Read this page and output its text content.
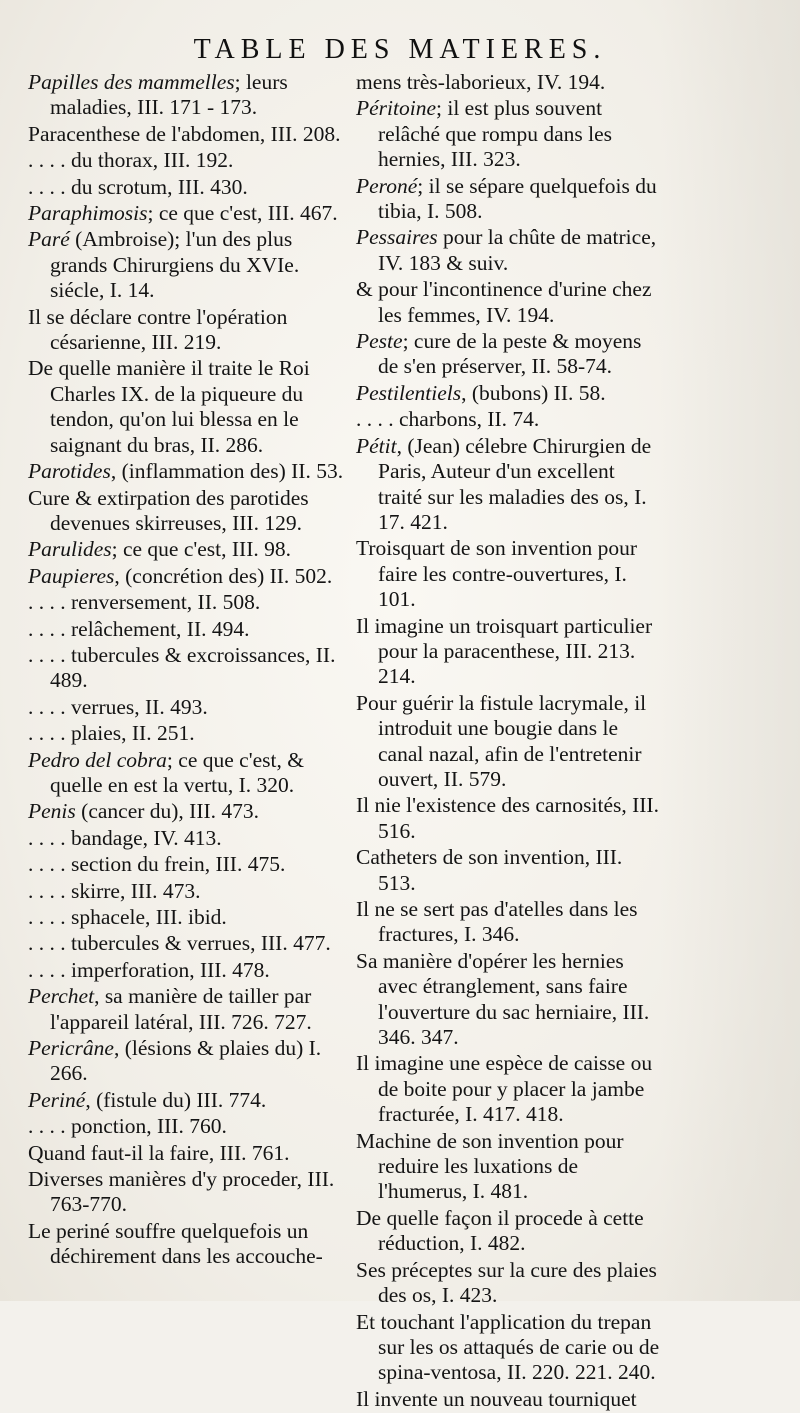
TABLE DES MATIERES.
Papilles des mammelles; leurs maladies, III. 171 - 173.
Paracenthese de l'abdomen, III. 208.
. . . . du thorax, III. 192.
. . . . du scrotum, III. 430.
Paraphimosis; ce que c'est, III. 467.
Paré (Ambroise); l'un des plus grands Chirurgiens du XVIe. siécle, I. 14.
Il se déclare contre l'opération césarienne, III. 219.
De quelle manière il traite le Roi Charles IX. de la piqueure du tendon, qu'on lui blessa en le saignant du bras, II. 286.
Parotides, (inflammation des) II. 53.
Cure & extirpation des parotides devenues skirreuses, III. 129.
Parulides; ce que c'est, III. 98.
Paupieres, (concrétion des) II. 502.
. . . . renversement, II. 508.
. . . . relâchement, II. 494.
. . . . tubercules & excroissances, II. 489.
. . . . verrues, II. 493.
. . . . plaies, II. 251.
Pedro del cobra; ce que c'est, & quelle en est la vertu, I. 320.
Penis (cancer du), III. 473.
. . . . bandage, IV. 413.
. . . . section du frein, III. 475.
. . . . skirre, III. 473.
. . . . sphacele, III. ibid.
. . . . tubercules & verrues, III. 477.
. . . . imperforation, III. 478.
Perchet, sa manière de tailler par l'appareil latéral, III. 726. 727.
Pericrâne, (lésions & plaies du) I. 266.
Periné, (fistule du) III. 774.
. . . . ponction, III. 760.
Quand faut-il la faire, III. 761.
Diverses manières d'y proceder, III. 763-770.
Le periné souffre quelquefois un déchirement dans les accouche-
mens très-laborieux, IV. 194.
Péritoine; il est plus souvent relâché que rompu dans les hernies, III. 323.
Peroné; il se sépare quelquefois du tibia, I. 508.
Pessaires pour la chûte de matrice, IV. 183 & suiv.
& pour l'incontinence d'urine chez les femmes, IV. 194.
Peste; cure de la peste & moyens de s'en préserver, II. 58-74.
Pestilentiels, (bubons) II. 58.
. . . . charbons, II. 74.
Pétit, (Jean) célebre Chirurgien de Paris, Auteur d'un excellent traité sur les maladies des os, I. 17. 421.
Troisquart de son invention pour faire les contre-ouvertures, I. 101.
Il imagine un troisquart particulier pour la paracenthese, III. 213. 214.
Pour guérir la fistule lacrymale, il introduit une bougie dans le canal nazal, afin de l'entretenir ouvert, II. 579.
Il nie l'existence des carnosités, III. 516.
Catheters de son invention, III. 513.
Il ne se sert pas d'atelles dans les fractures, I. 346.
Sa manière d'opérer les hernies avec étranglement, sans faire l'ouverture du sac herniaire, III. 346. 347.
Il imagine une espèce de caisse ou de boite pour y placer la jambe fracturée, I. 417. 418.
Machine de son invention pour reduire les luxations de l'humerus, I. 481.
De quelle façon il procede à cette réduction, I. 482.
Ses préceptes sur la cure des plaies des os, I. 423.
Et touchant l'application du trepan sur les os attaqués de carie ou de spina-ventosa, II. 220. 221. 240.
Il invente un nouveau tourniquet
